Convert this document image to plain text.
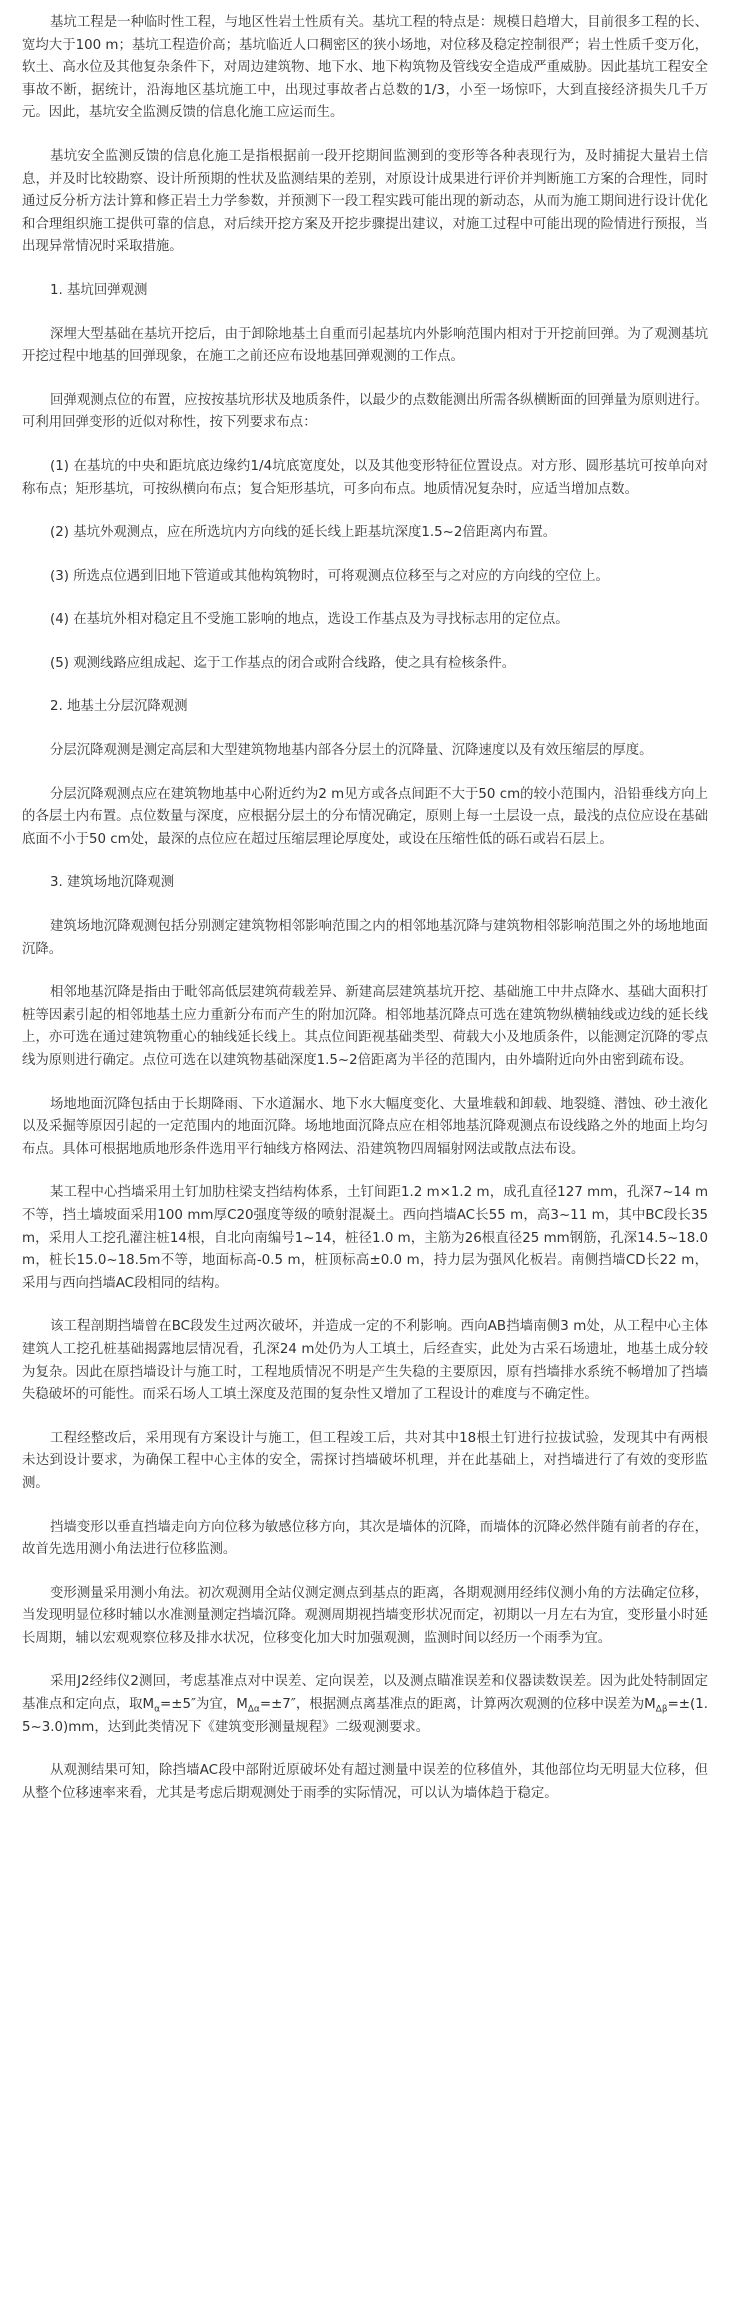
基坑工程是一种临时性工程，与地区性岩土性质有关。基坑工程的特点是：规模日趋增大，目前很多工程的长、宽均大于100 m；基坑工程造价高；基坑临近人口稠密区的狭小场地，对位移及稳定控制很严；岩土性质千变万化，软土、高水位及其他复杂条件下，对周边建筑物、地下水、地下构筑物及管线安全造成严重威胁。因此基坑工程安全事故不断，据统计，沿海地区基坑施工中，出现过事故者占总数的1/3，小至一场惊吓，大到直接经济损失几千万元。因此，基坑安全监测反馈的信息化施工应运而生。

基坑安全监测反馈的信息化施工是指根据前一段开挖期间监测到的变形等各种表现行为，及时捕捉大量岩土信息，并及时比较勘察、设计所预期的性状及监测结果的差别，对原设计成果进行评价并判断施工方案的合理性，同时通过反分析方法计算和修正岩土力学参数，并预测下一段工程实践可能出现的新动态，从而为施工期间进行设计优化和合理组织施工提供可靠的信息，对后续开挖方案及开挖步骤提出建议，对施工过程中可能出现的险情进行预报，当出现异常情况时采取措施。

1. 基坑回弹观测

深埋大型基础在基坑开挖后，由于卸除地基土自重而引起基坑内外影响范围内相对于开挖前回弹。为了观测基坑开挖过程中地基的回弹现象，在施工之前还应布设地基回弹观测的工作点。

回弹观测点位的布置，应按按基坑形状及地质条件，以最少的点数能测出所需各纵横断面的回弹量为原则进行。可利用回弹变形的近似对称性，按下列要求布点：

(1) 在基坑的中央和距坑底边缘约1/4坑底宽度处，以及其他变形特征位置设点。对方形、圆形基坑可按单向对称布点；矩形基坑，可按纵横向布点；复合矩形基坑，可多向布点。地质情况复杂时，应适当增加点数。

(2) 基坑外观测点，应在所选坑内方向线的延长线上距基坑深度1.5~2倍距离内布置。

(3) 所选点位遇到旧地下管道或其他构筑物时，可将观测点位移至与之对应的方向线的空位上。

(4) 在基坑外相对稳定且不受施工影响的地点，选设工作基点及为寻找标志用的定位点。

(5) 观测线路应组成起、迄于工作基点的闭合或附合线路，使之具有检核条件。

2. 地基土分层沉降观测

分层沉降观测是测定高层和大型建筑物地基内部各分层土的沉降量、沉降速度以及有效压缩层的厚度。

分层沉降观测点应在建筑物地基中心附近约为2 m见方或各点间距不大于50 cm的较小范围内，沿铅垂线方向上的各层土内布置。点位数量与深度，应根据分层土的分布情况确定，原则上每一土层设一点，最浅的点位应设在基础底面不小于50 cm处，最深的点位应在超过压缩层理论厚度处，或设在压缩性低的砾石或岩石层上。

3. 建筑场地沉降观测

建筑场地沉降观测包括分别测定建筑物相邻影响范围之内的相邻地基沉降与建筑物相邻影响范围之外的场地地面沉降。

相邻地基沉降是指由于毗邻高低层建筑荷载差异、新建高层建筑基坑开挖、基础施工中井点降水、基础大面积打桩等因素引起的相邻地基土应力重新分布而产生的附加沉降。相邻地基沉降点可选在建筑物纵横轴线或边线的延长线上，亦可选在通过建筑物重心的轴线延长线上。其点位间距视基础类型、荷载大小及地质条件，以能测定沉降的零点线为原则进行确定。点位可选在以建筑物基础深度1.5~2倍距离为半径的范围内，由外墙附近向外由密到疏布设。

场地地面沉降包括由于长期降雨、下水道漏水、地下水大幅度变化、大量堆载和卸载、地裂缝、潜蚀、砂土液化以及采掘等原因引起的一定范围内的地面沉降。场地地面沉降点应在相邻地基沉降观测点布设线路之外的地面上均匀布点。具体可根据地质地形条件选用平行轴线方格网法、沿建筑物四周辐射网法或散点法布设。

某工程中心挡墙采用土钉加肋柱梁支挡结构体系，土钉间距1.2 m×1.2 m，成孔直径127 mm，孔深7~14 m不等，挡土墙坡面采用100 mm厚C20强度等级的喷射混凝土。西向挡墙AC长55 m，高3~11 m，其中BC段长35 m，采用人工挖孔灌注桩14根，自北向南编号1~14，桩径1.0 m，主筋为26根直径25 mm钢筋，孔深14.5~18.0 m，桩长15.0~18.5m不等，地面标高-0.5 m，桩顶标高±0.0 m，持力层为强风化板岩。南侧挡墙CD长22 m，采用与西向挡墙AC段相同的结构。

该工程剖期挡墙曾在BC段发生过两次破坏，并造成一定的不利影响。西向AB挡墙南侧3 m处，从工程中心主体建筑人工挖孔桩基础揭露地层情况看，孔深24 m处仍为人工填土，后经查实，此处为古采石场遗址，地基土成分较为复杂。因此在原挡墙设计与施工时，工程地质情况不明是产生失稳的主要原因，原有挡墙排水系统不畅增加了挡墙失稳破坏的可能性。而采石场人工填土深度及范围的复杂性又增加了工程设计的难度与不确定性。

工程经整改后，采用现有方案设计与施工，但工程竣工后，共对其中18根土钉进行拉拔试验，发现其中有两根未达到设计要求，为确保工程中心主体的安全，需探讨挡墙破坏机理，并在此基础上，对挡墙进行了有效的变形监测。

挡墙变形以垂直挡墙走向方向位移为敏感位移方向，其次是墙体的沉降，而墙体的沉降必然伴随有前者的存在，故首先选用测小角法进行位移监测。

变形测量采用测小角法。初次观测用全站仪测定测点到基点的距离，各期观测用经纬仪测小角的方法确定位移，当发现明显位移时辅以水准测量测定挡墙沉降。观测周期视挡墙变形状况而定，初期以一月左右为宜，变形量小时延长周期，辅以宏观观察位移及排水状况，位移变化加大时加强观测，监测时间以经历一个雨季为宜。

采用J2经纬仪2测回，考虑基准点对中误差、定向误差，以及测点瞄准误差和仪器读数误差。因为此处特制固定基准点和定向点，取$M_\alpha=\pm 5''$为宜，$M_{\Delta\alpha}=\pm 7''$，根据测点离基准点的距离，计算两次观测的位移中误差为$M_{\Delta\beta}=\pm(1.5\sim 3.0)mm$，达到此类情况下《建筑变形测量规程》二级观测要求。

从观测结果可知，除挡墙AC段中部附近原破坏处有超过测量中误差的位移值外，其他部位均无明显大位移，但从整个位移速率来看，尤其是考虑后期观测处于雨季的实际情况，可以认为墙体趋于稳定。
